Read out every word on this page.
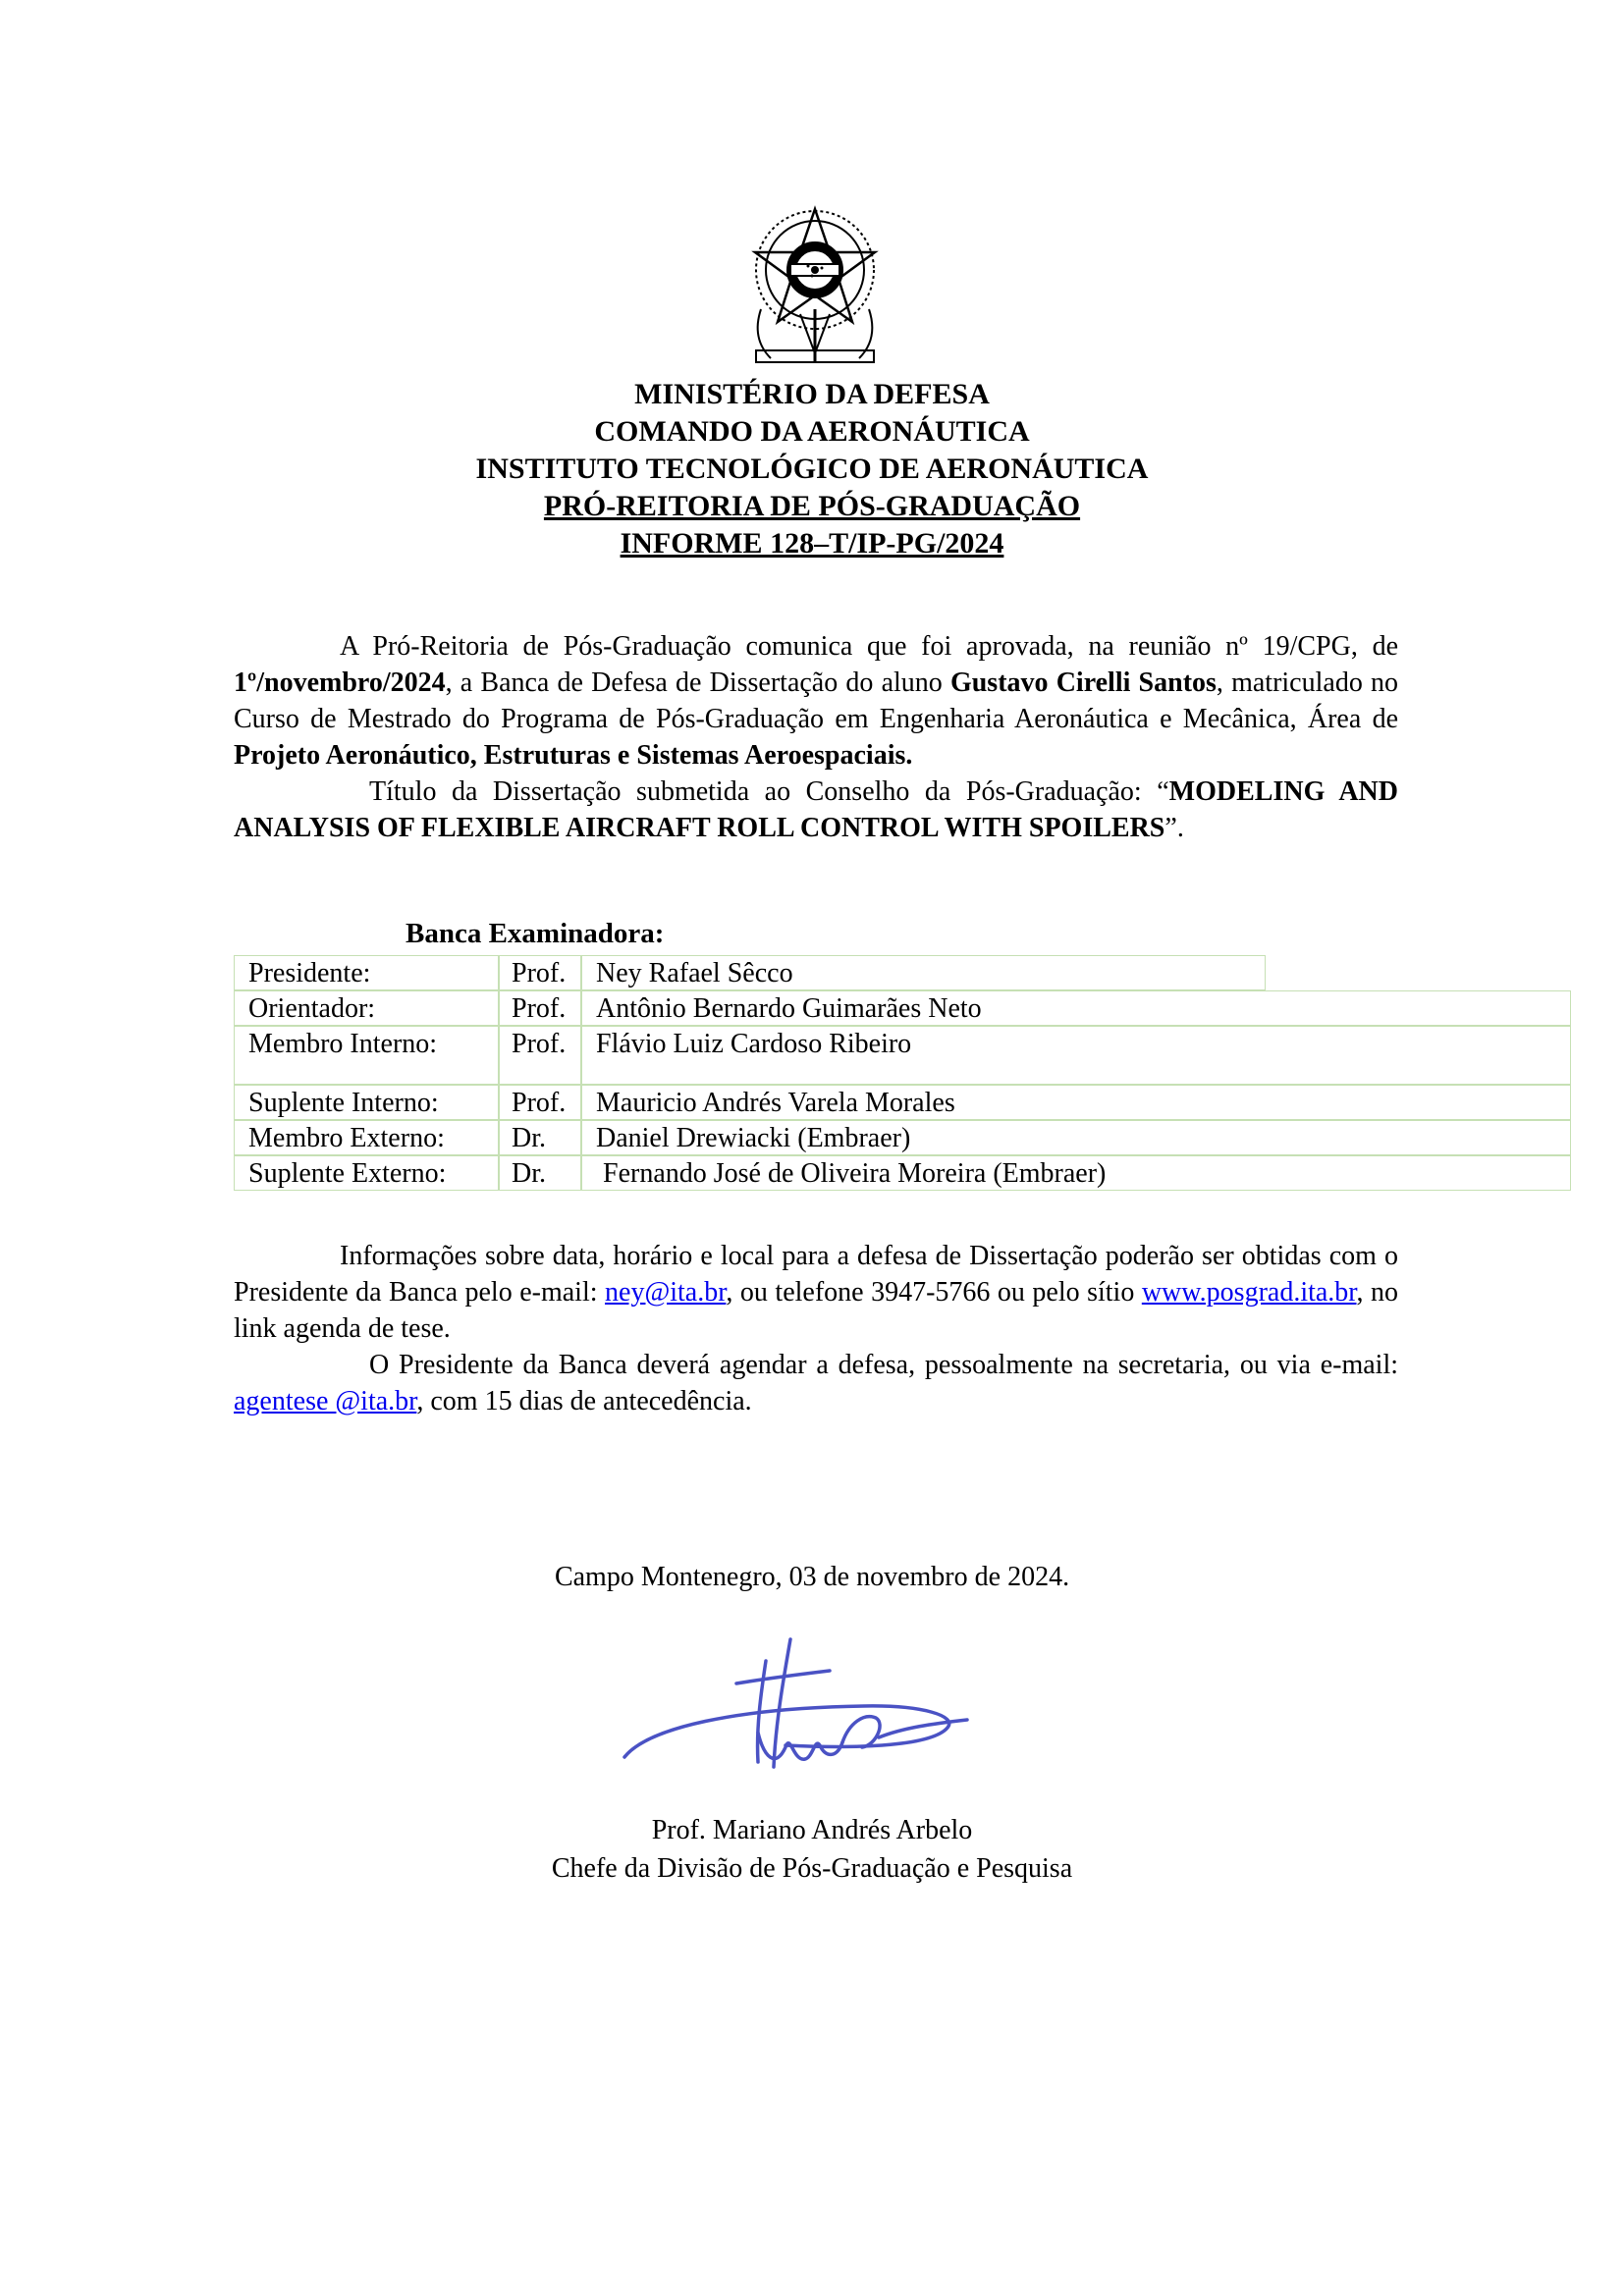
MINISTÉRIO DA DEFESA
COMANDO DA AERONÁUTICA
INSTITUTO TECNOLÓGICO DE AERONÁUTICA
PRÓ-REITORIA DE PÓS-GRADUAÇÃO
INFORME 128–T/IP-PG/2024

A Pró-Reitoria de Pós-Graduação comunica que foi aprovada, na reunião nº 19/CPG, de 1º/novembro/2024, a Banca de Defesa de Dissertação do aluno Gustavo Cirelli Santos, matriculado no Curso de Mestrado do Programa de Pós-Graduação em Engenharia Aeronáutica e Mecânica, Área de Projeto Aeronáutico, Estruturas e Sistemas Aeroespaciais.

Título da Dissertação submetida ao Conselho da Pós-Graduação: “MODELING AND ANALYSIS OF FLEXIBLE AIRCRAFT ROLL CONTROL WITH SPOILERS”.

Banca Examinadora:
Presidente:	Prof.	Ney Rafael Sêcco
Orientador:	Prof.	Antônio Bernardo Guimarães Neto
Membro Interno:	Prof.	Flávio Luiz Cardoso Ribeiro
Suplente Interno:	Prof.	Mauricio Andrés Varela Morales
Membro Externo:	Dr.	Daniel Drewiacki (Embraer)
Suplente Externo:	Dr.	Fernando José de Oliveira Moreira (Embraer)

Informações sobre data, horário e local para a defesa de Dissertação poderão ser obtidas com o Presidente da Banca pelo e-mail: ney@ita.br, ou telefone 3947-5766 ou pelo sítio www.posgrad.ita.br, no link agenda de tese.

O Presidente da Banca deverá agendar a defesa, pessoalmente na secretaria, ou via e-mail: agentese @ita.br, com 15 dias de antecedência.

Campo Montenegro, 03 de novembro de 2024.
Prof. Mariano Andrés Arbelo
Chefe da Divisão de Pós-Graduação e Pesquisa
